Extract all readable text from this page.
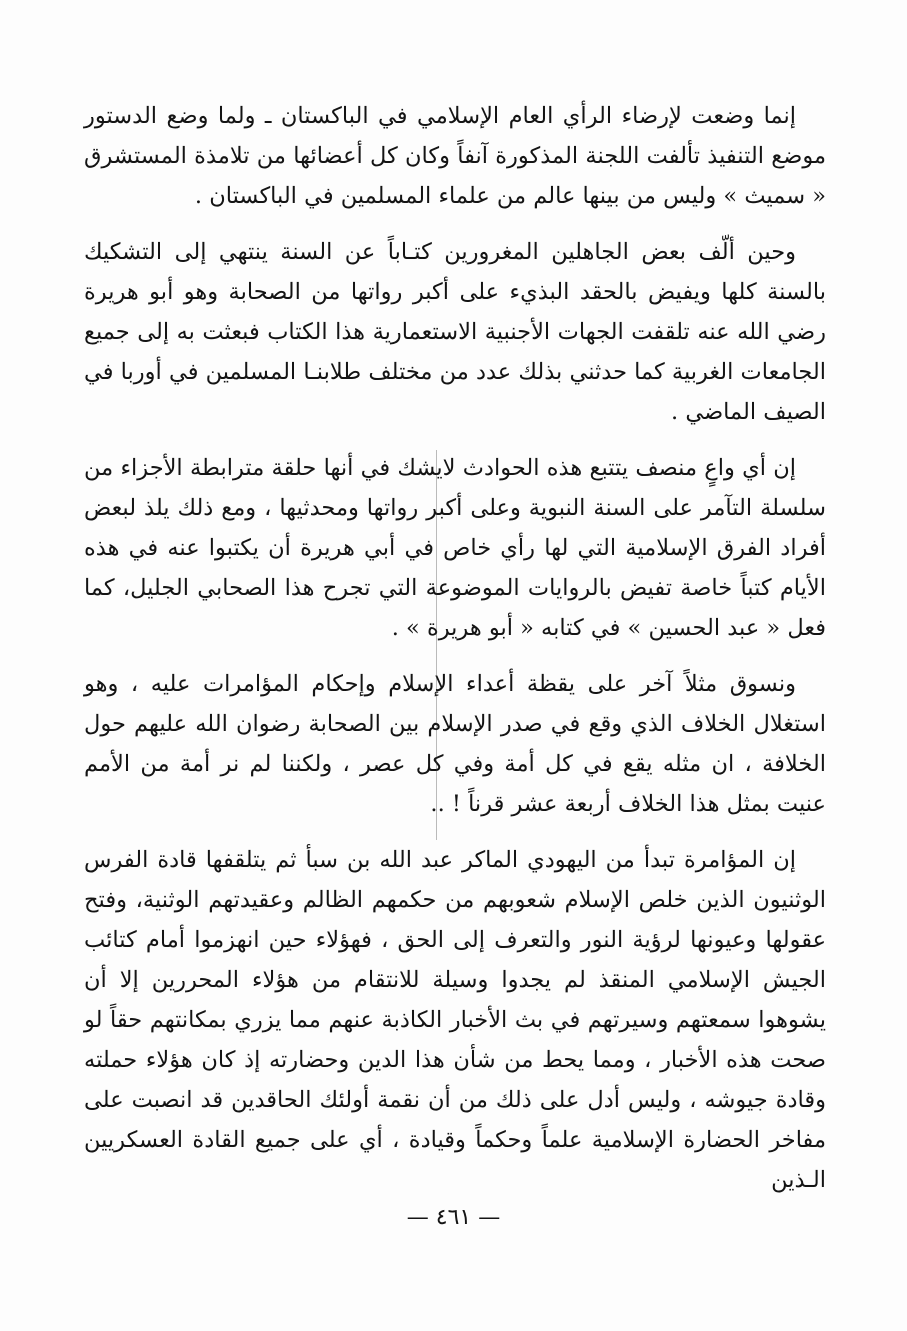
إنما وضعت لإرضاء الرأي العام الإسلامي في الباكستان ـ ولما وضع الدستور موضع التنفيذ تألفت اللجنة المذكورة آنفاً وكان كل أعضائها من تلامذة المستشرق « سميث » وليس من بينها عالم من علماء المسلمين في الباكستان .

وحين ألّف بعض الجاهلين المغرورين كتـاباً عن السنة ينتهي إلى التشكيك بالسنة كلها ويفيض بالحقد البذيء على أكبر رواتها من الصحابة وهو أبو هريرة رضي الله عنه تلقفت الجهات الأجنبية الاستعمارية هذا الكتاب فبعثت به إلى جميع الجامعات الغربية كما حدثني بذلك عدد من مختلف طلابنـا المسلمين في أوربا في الصيف الماضي .

إن أي واعٍ منصف يتتبع هذه الحوادث لايشك في أنها حلقة مترابطة الأجزاء من سلسلة التآمر على السنة النبوية وعلى أكبر رواتها ومحدثيها ، ومع ذلك يلذ لبعض أفراد الفرق الإسلامية التي لها رأي خاص في أبي هريرة أن يكتبوا عنه في هذه الأيام كتباً خاصة تفيض بالروايات الموضوعة التي تجرح هذا الصحابي الجليل، كما فعل « عبد الحسين » في كتابه « أبو هريرة » .

ونسوق مثلاً آخر على يقظة أعداء الإسلام وإحكام المؤامرات عليه ، وهو استغلال الخلاف الذي وقع في صدر الإسلام بين الصحابة رضوان الله عليهم حول الخلافة ، ان مثله يقع في كل أمة وفي كل عصر ، ولكننا لم نر أمة من الأمم عنيت بمثل هذا الخلاف أربعة عشر قرناً ! ..

إن المؤامرة تبدأ من اليهودي الماكر عبد الله بن سبأ ثم يتلقفها قادة الفرس الوثنيون الذين خلص الإسلام شعوبهم من حكمهم الظالم وعقيدتهم الوثنية، وفتح عقولها وعيونها لرؤية النور والتعرف إلى الحق ، فهؤلاء حين انهزموا أمام كتائب الجيش الإسلامي المنقذ لم يجدوا وسيلة للانتقام من هؤلاء المحررين إلا أن يشوهوا سمعتهم وسيرتهم في بث الأخبار الكاذبة عنهم مما يزري بمكانتهم حقاً لو صحت هذه الأخبار ، ومما يحط من شأن هذا الدين وحضارته إذ كان هؤلاء حملته وقادة جيوشه ، وليس أدل على ذلك من أن نقمة أولئك الحاقدين قد انصبت على مفاخر الحضارة الإسلامية علماً وحكماً وقيادة ، أي على جميع القادة العسكريين الـذين

— ٤٦١ —
